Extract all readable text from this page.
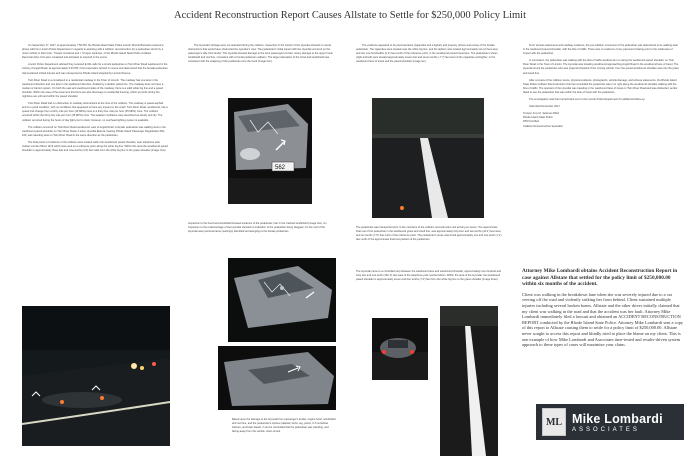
Accident Reconstruction Report Causes Allstate to Settle for $250,000 Policy Limit

On September 17, 2017, at approximately 7:50 PM, the Rhode Island State Police Lincoln Woods Barracks received a phone call from Lincoln Police Department in regards to assisting with a collision reconstruction for a pedestrian struck by a motor vehicle in their town. Trooper Costanza and I, Trooper Jackman, of the Rhode Island State Police Collision Reconstruction Unit were contacted and activated to respond to the scene.

Lincoln Police Department advised they received E-911 calls for a struck pedestrian on Twin River Road westbound in the vicinity of Angell Road, at approximately 6:33 PM. First responders arrived on scene and determined that the female pedestrian had sustained critical injuries and was transported to Rhode Island Hospital by Lincoln Rescue.

Twin River Road is a considered to a residential roadway in the Town of Lincoln. The roadway has one lane in the westbound direction and one lane in the eastbound direction, divided by a double yellow line. The roadway does not have a median or barrier system. On both the east and westbound sides of the roadway, there is a solid white fog line and a paved shoulder. Within the area of the pavement this there are also driveways to residential housing, which at points during the nighttime are unlit and within the paved shoulder.

Twin River Road had no obstruction to roadway obstructions at the time of the collision. The roadway is paved asphalt and is in good condition, with no conditions that appeared to have any impact on the crash. Twin River Road, westbound, has a speed limit change from a thirty mile per hour (30 MPH) zone to a thirty-five mile per hour (35 MPH) zone. The collision occurred within the thirty-five mile per hour (35 MPH) zone. The weather conditions were described as cloudy and dry. The collision occurred during the hours of day light prior to dusk; however, no overhead lighting system is available.

The collision occurred on Twin River Road westbound, east of Angell Road. A female pedestrian was walking west in the westbound paved shoulder on Twin River Road. A silver Hyundai Elantra, bearing Rhode Island Passenger Registration 562-160, was traveling west on Twin River Road in the same direction as the pedestrian.

The final points of evidence of the collision were located within the westbound paved shoulder, near telephone pole marker number Mixon 2F/3 which was used as a reference point along the white fog line. Within this area the westbound paved shoulder is approximately three feet and nine-tenths (3.9') feet wide from the white fog line to the grass shoulder (image nine).

The Hyundai's airbags were not activated during the collision. Inspection of the interior of the Hyundai showed no visual obstructions that would have obstructed the operator's view. The pedestrian's initial impact with the Hyundai occurred on the passenger's side front fender. The Hyundai showed damage to the front passenger's fender, heavy damage to the upper hood, windshield and roof line, consistent with a frontal pedestrian collision. The large indentation of the hood and windshield was consistent with the wrapping of the pedestrian onto the hood (image four).

562
Inspection to the hood and windshield showed evidence of the pedestrian; hair in the cracked windshield (image five). An inspection to the undercarriage of the Hyundai showed no indication of the pedestrian being dragged. On the roof of the Hyundai were personal items (earrings) identified as belonging to the female pedestrian.
Based upon the damage to the Hyundai from passenger's fender, engine hood, windshield and roof line, and the pedestrian's injuries (skeletal, limbs, leg, pelvis, C-5 vertebrae fracture, and brain bleed), it can be concluded that the pedestrian was standing, and facing away from the vehicle, when struck.

The evidence appeared to be personal items (cigarettes and a lighter) and property (shoes and purse) of the female pedestrian. The cigarettes were located near the white fog line, and the lighters was located approximately two (2) feet west and two one-hundredths (2.2') feet south of the reference point, in the westbound paved travel lane. The pedestrian's shoes (right and left) were located approximately seven feet and seven tenths (-7.7) feet west of the cigarettes and lighter, in the westbound lane of travel and the paved shoulder (image ten).

The pedestrian was transported prior to the members of the collision reconstruction unit arriving on scene. The approximate final rest of the pedestrian in the westbound grass and wood line, was approximately forty-four and two tenths (44.2') feet west and ten tenths (7.6') feet north of the reference point. The pedestrian's purse was found approximately one and one-tenth (1.1') feet north of the approximate final rest position of the pedestrian.
The Hyundai came to a controlled stop between the westbound lane and westbound shoulder, approximately one hundred and sixty-two and one-tenth (162.1') feet west of the telephone pole number Mixon. Within the area of the Hyundai, the westbound paved shoulder is approximately seven and four tenths (7.4') feet from the white fog line to the grass shoulder (image three).

From witness statements and roadway evidence, the pre-collision movement of the pedestrian was determined to be walking west in the westbound paved shoulder, with the flow of traffic. There was no evidence of any pavement braking prior to the initial area of impact with the pedestrian.

In conclusion, the pedestrian was walking with the flow of traffic westbound in or along the westbound paved shoulder, on Twin River Road in the Town of Lincoln. The Hyundai was traveling westbound approaching Angell Road in the westbound lane of travel. The Hyundai struck the pedestrian who was projected forward of the moving vehicle, from the paved westbound shoulder area into the grass and wood line.

After a review of the collision scene, physical evidence, photographs, vehicle damage, and witness statements, the Rhode Island State Police Collision Reconstruction Unit has concluded the pedestrian was in or right along the westbound shoulder walking with the flow of traffic. The operator of the Hyundai was traveling in the westbound lane of travel on Twin River Road and was distracted, and/or failed to see the pedestrian that was within the lane of travel with the pedestrian.

The investigation was then turned back over to the Lincoln Police Department for additional follow-up.

Submitted December 2017

Trooper Amy M. Jackman #944
Rhode Island State Police
RTM Certified
Collision Reconstruction Specialist
Attorney Mike Lombardi obtains Accident Reconstruction Report in case against Allstate that settled for the policy limit of $250,000.00 within six months of the accident.
Client was walking in the breakdown lane when she was severely injured due to a car veering off the road and violently striking her from behind. Client sustained multiple injuries including several broken bones. Allstate and the other driver initially claimed that my client was walking in the road and that the accident was her fault. Attorney Mike Lombardi immediately filed a lawsuit and obtained an ACCIDENT RECONSTRUCTION REPORT conducted by the Rhode Island State Police. Attorney Mike Lombardi sent a copy of this report to Allstate causing them to settle for a policy limit of $250,000.00. Allstate never sought to access this report and blindly tried to place the blame on my client. This is one example of how Mike Lombardi and Associates time-tested and results-driven system approach to these types of cases will maximize your claim.
ML Mike Lombardi
ASSOCIATES
